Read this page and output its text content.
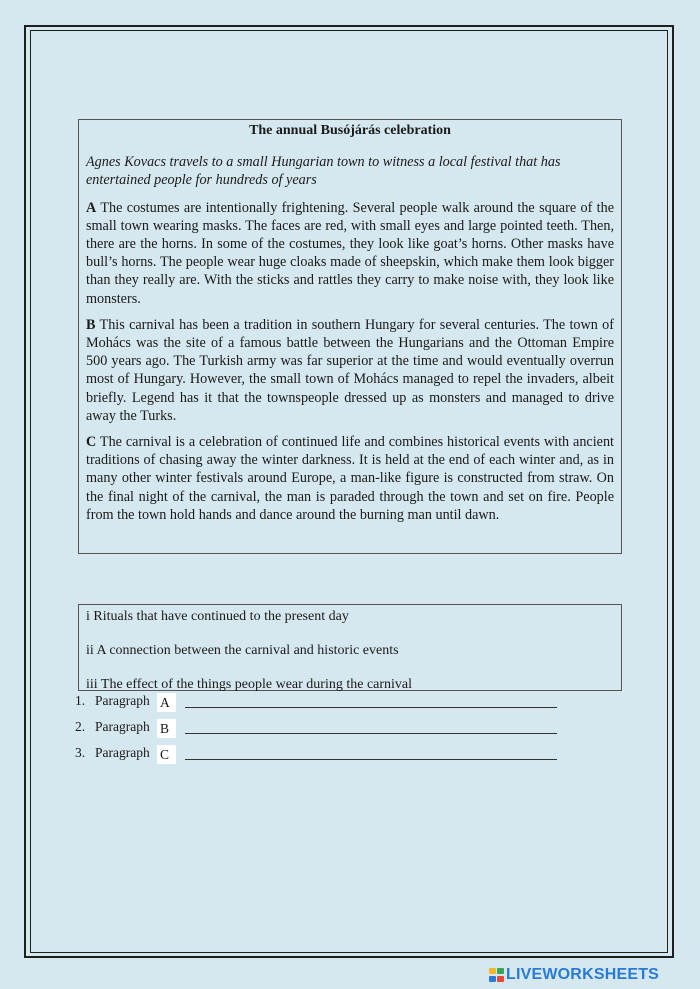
The annual Busójárás celebration
Agnes Kovacs travels to a small Hungarian town to witness a local festival that has entertained people for hundreds of years

A The costumes are intentionally frightening. Several people walk around the square of the small town wearing masks. The faces are red, with small eyes and large pointed teeth. Then, there are the horns. In some of the costumes, they look like goat’s horns. Other masks have bull’s horns. The people wear huge cloaks made of sheepskin, which make them look bigger than they really are. With the sticks and rattles they carry to make noise with, they look like monsters.

B This carnival has been a tradition in southern Hungary for several centuries. The town of Mohács was the site of a famous battle between the Hungarians and the Ottoman Empire 500 years ago. The Turkish army was far superior at the time and would eventually overrun most of Hungary. However, the small town of Mohács managed to repel the invaders, albeit briefly. Legend has it that the townspeople dressed up as monsters and managed to drive away the Turks.

C The carnival is a celebration of continued life and combines historical events with ancient traditions of chasing away the winter darkness. It is held at the end of each winter and, as in many other winter festivals around Europe, a man-like figure is constructed from straw. On the final night of the carnival, the man is paraded through the town and set on fire. People from the town hold hands and dance around the burning man until dawn.

i Rituals that have continued to the present day
ii A connection between the carnival and historic events
iii The effect of the things people wear during the carnival
1. Paragraph A
2. Paragraph B
3. Paragraph C
LIVEWORKSHEETS
